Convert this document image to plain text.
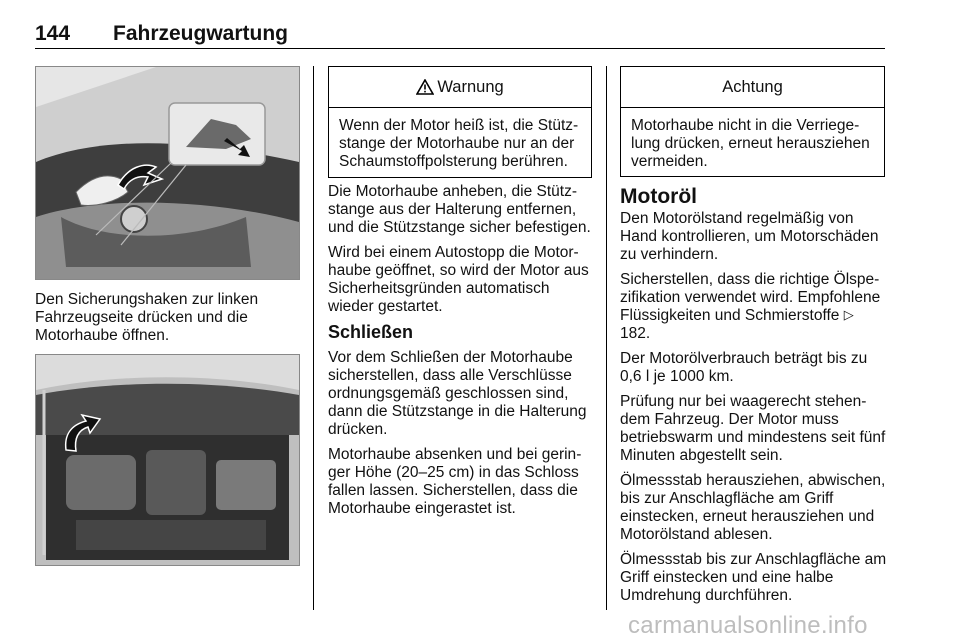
144 Fahrzeugwartung
Den Sicherungshaken zur linken Fahrzeugseite drücken und die Motorhaube öffnen.
Warnung
Wenn der Motor heiß ist, die Stützstange der Motorhaube nur an der Schaumstoffpolsterung berühren.

Die Motorhaube anheben, die Stützstange aus der Halterung entfernen, und die Stützstange sicher befestigen.

Wird bei einem Autostopp die Motorhaube geöffnet, so wird der Motor aus Sicherheitsgründen automatisch wieder gestartet.

Schließen

Vor dem Schließen der Motorhaube sicherstellen, dass alle Verschlüsse ordnungsgemäß geschlossen sind, dann die Stützstange in die Halterung drücken.

Motorhaube absenken und bei geringer Höhe (20–25 cm) in das Schloss fallen lassen. Sicherstellen, dass die Motorhaube eingerastet ist.

Achtung
Motorhaube nicht in die Verriegelung drücken, erneut herausziehen vermeiden.
Motoröl

Den Motorölstand regelmäßig von Hand kontrollieren, um Motorschäden zu verhindern.

Sicherstellen, dass die richtige Ölspezifikation verwendet wird. Empfohlene Flüssigkeiten und Schmierstoffe ▷ 182.

Der Motorölverbrauch beträgt bis zu 0,6 l je 1000 km.

Prüfung nur bei waagerecht stehendem Fahrzeug. Der Motor muss betriebswarm und mindestens seit fünf Minuten abgestellt sein.

Ölmessstab herausziehen, abwischen, bis zur Anschlagfläche am Griff einstecken, erneut herausziehen und Motorölstand ablesen.

Ölmessstab bis zur Anschlagfläche am Griff einstecken und eine halbe Umdrehung durchführen.

carmanualsonline.info
